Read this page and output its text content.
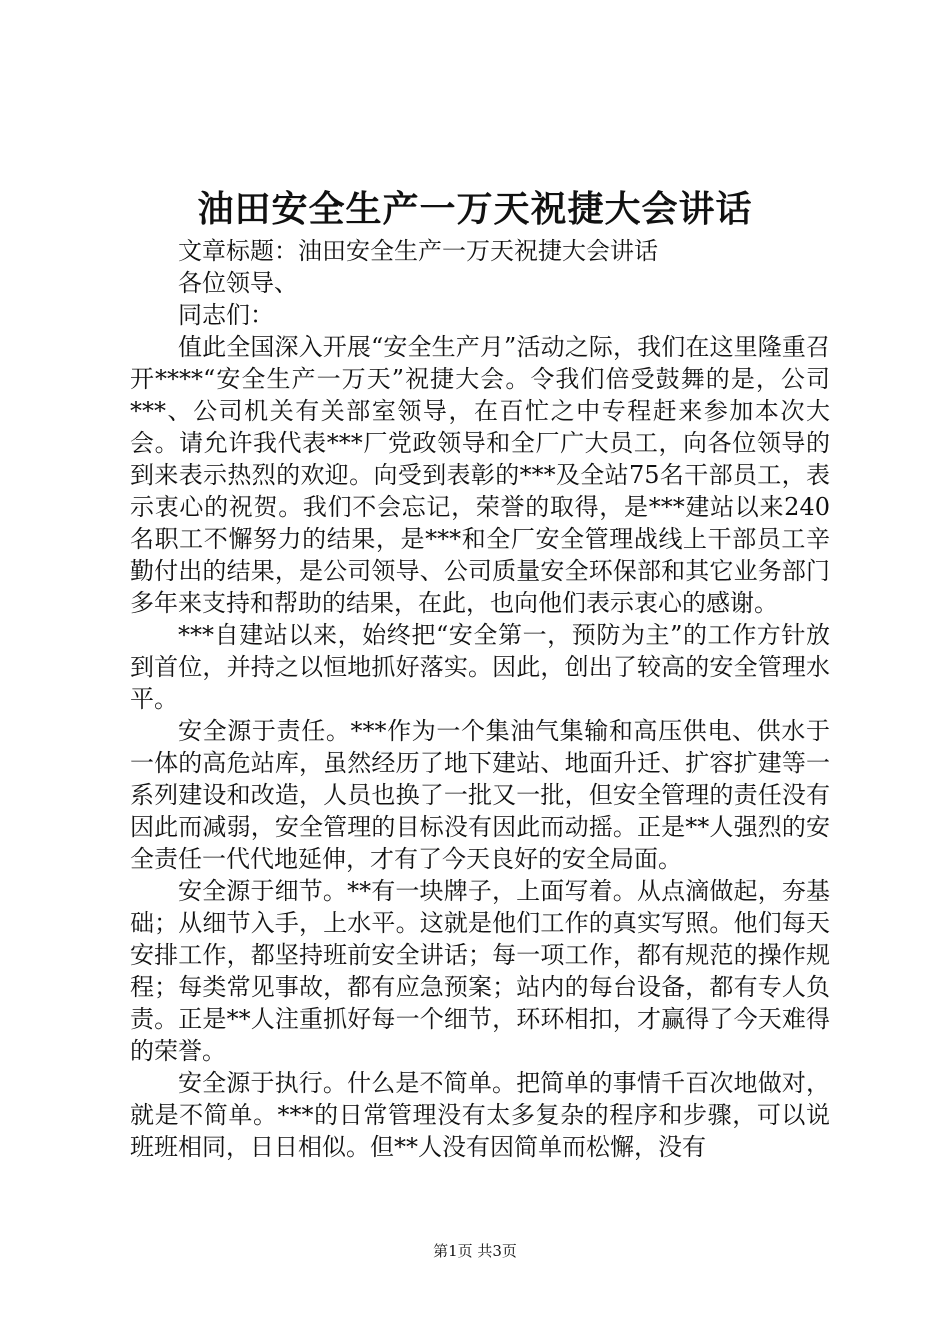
油田安全生产一万天祝捷大会讲话

文章标题：油田安全生产一万天祝捷大会讲话

各位领导、

同志们：

值此全国深入开展“安全生产月”活动之际，我们在这里隆重召开****“安全生产一万天”祝捷大会。令我们倍受鼓舞的是，公司***、公司机关有关部室领导，在百忙之中专程赶来参加本次大会。请允许我代表***厂党政领导和全厂广大员工，向各位领导的到来表示热烈的欢迎。向受到表彰的***及全站75名干部员工，表示衷心的祝贺。我们不会忘记，荣誉的取得，是***建站以来240名职工不懈努力的结果，是***和全厂安全管理战线上干部员工辛勤付出的结果，是公司领导、公司质量安全环保部和其它业务部门多年来支持和帮助的结果，在此，也向他们表示衷心的感谢。

***自建站以来，始终把“安全第一，预防为主”的工作方针放到首位，并持之以恒地抓好落实。因此，创出了较高的安全管理水平。

安全源于责任。***作为一个集油气集输和高压供电、供水于一体的高危站库，虽然经历了地下建站、地面升迁、扩容扩建等一系列建设和改造，人员也换了一批又一批，但安全管理的责任没有因此而减弱，安全管理的目标没有因此而动摇。正是**人强烈的安全责任一代代地延伸，才有了今天良好的安全局面。

安全源于细节。**有一块牌子，上面写着。从点滴做起，夯基础；从细节入手，上水平。这就是他们工作的真实写照。他们每天安排工作，都坚持班前安全讲话；每一项工作，都有规范的操作规程；每类常见事故，都有应急预案；站内的每台设备，都有专人负责。正是**人注重抓好每一个细节，环环相扣，才赢得了今天难得的荣誉。

安全源于执行。什么是不简单。把简单的事情千百次地做对，就是不简单。***的日常管理没有太多复杂的程序和步骤，可以说班班相同，日日相似。但**人没有因简单而松懈，没有

第1页 共3页
